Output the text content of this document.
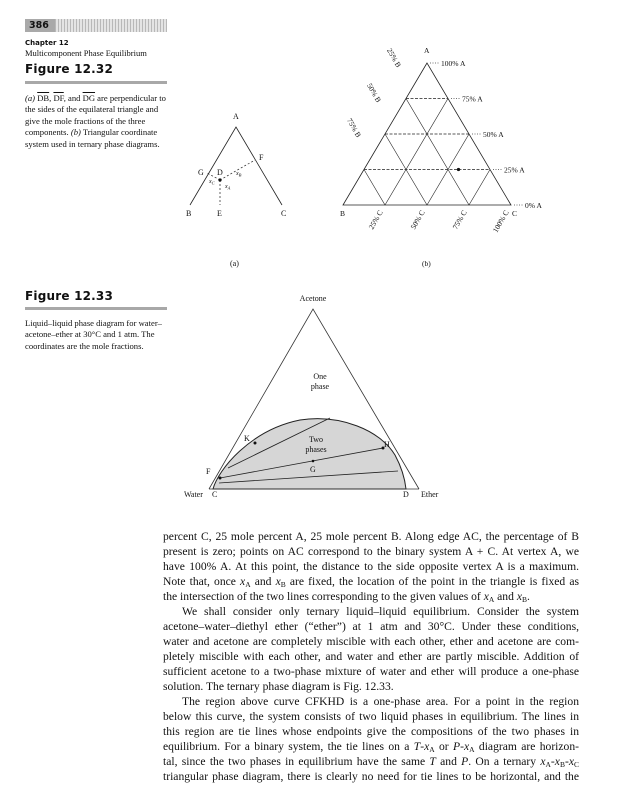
386
Chapter 12
Multicomponent Phase Equilibrium
Figure 12.32
(a) $\overline{DB}$, $\overline{DF}$, and $\overline{DG}$ are perpendicular to the sides of the equilateral triangle and give the mole fractions of the three components. (b) Triangular coordinate system used in ternary phase diagrams.
A
B	E	C
F
G D
$x_A$
$x_B$
$x_C$
(a)
A
B	C
100% A
75% A
50% A
25% A
0% A
25% B
50% B
75% B
25% C	50% C	75% C	100% C
(b)
Figure 12.33
Liquid–liquid phase diagram for water–acetone–ether at 30°C and 1 atm. The coordinates are the mole fractions.
Acetone
One
phase
Two
phases
K
H
G
F
Water C	D Ether
percent C, 25 mole percent A, 25 mole percent B. Along edge AC, the percentage of B
present is zero; points on AC correspond to the binary system A + C. At vertex A, we
have 100% A. At this point, the distance to the side opposite vertex A is a maximum.
Note that, once $x_A$ and $x_B$ are fixed, the location of the point in the triangle is fixed as
the intersection of the two lines corresponding to the given values of $x_A$ and $x_B$.
We shall consider only ternary liquid–liquid equilibrium. Consider the system
acetone–water–diethyl ether (“ether”) at 1 atm and 30°C. Under these conditions,
water and acetone are completely miscible with each other, ether and acetone are com-
pletely miscible with each other, and water and ether are partly miscible. Addition of
sufficient acetone to a two-phase mixture of water and ether will produce a one-phase
solution. The ternary phase diagram is Fig. 12.33.
The region above curve CFKHD is a one-phase area. For a point in the region
below this curve, the system consists of two liquid phases in equilibrium. The lines in
this region are tie lines whose endpoints give the compositions of the two phases in
equilibrium. For a binary system, the tie lines on a $T-x_A$ or $P-x_A$ diagram are horizon-
tal, since the two phases in equilibrium have the same T and P. On a ternary $x_A-x_B-x_C$
triangular phase diagram, there is clearly no need for tie lines to be horizontal, and the
